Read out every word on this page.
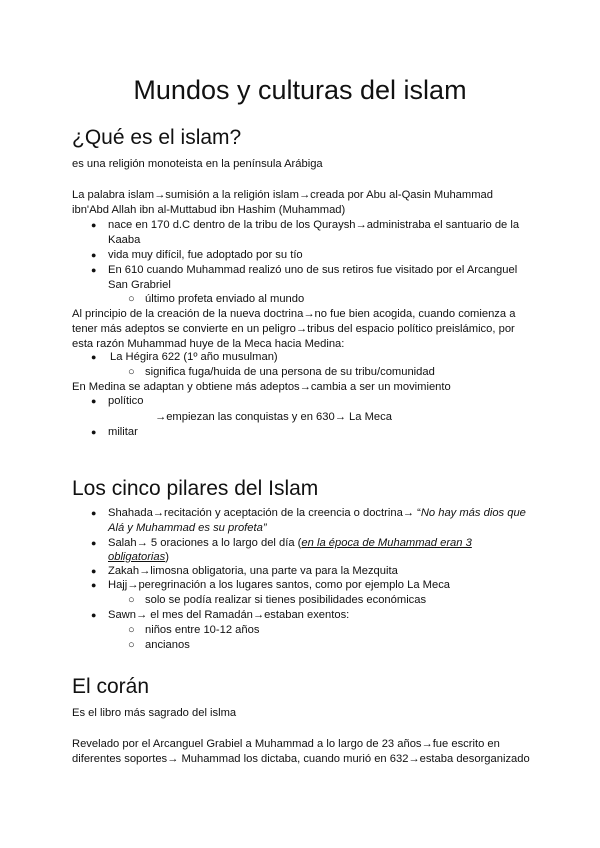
Mundos y culturas del islam
¿Qué es el islam?
es una religión monoteista en la península Arábiga
La palabra islam→sumisión a la religión islam→creada por Abu al-Qasin Muhammad
ibn'Abd Allah ibn al-Muttabud ibn Hashim (Muhammad)
● nace en 170 d.C dentro de la tribu de los Quraysh→administraba el santuario de la
Kaaba
● vida muy difícil, fue adoptado por su tío
● En 610 cuando Muhammad realizó uno de sus retiros fue visitado por el Arcanguel
San Grabriel
○ último profeta enviado al mundo
Al principio de la creación de la nueva doctrina→no fue bien acogida, cuando comienza a
tener más adeptos se convierte en un peligro→tribus del espacio político preislámico, por
esta razón Muhammad huye de la Meca hacia Medina:
● La Hégira 622 (1º año musulman)
○ significa fuga/huida de una persona de su tribu/comunidad
En Medina se adaptan y obtiene más adeptos→cambia a ser un movimiento
● político
→empiezan las conquistas y en 630→ La Meca
● militar
Los cinco pilares del Islam
● Shahada→recitación y aceptación de la creencia o doctrina→ “No hay más dios que
Alá y Muhammad es su profeta”
● Salah→ 5 oraciones a lo largo del día (en la época de Muhammad eran 3
obligatorias)
● Zakah→limosna obligatoria, una parte va para la Mezquita
● Hajj→peregrinación a los lugares santos, como por ejemplo La Meca
○ solo se podía realizar si tienes posibilidades económicas
● Sawn→ el mes del Ramadán→estaban exentos:
○ niños entre 10-12 años
○ ancianos
El corán
Es el libro más sagrado del islma
Revelado por el Arcanguel Grabiel a Muhammad a lo largo de 23 años→fue escrito en
diferentes soportes→ Muhammad los dictaba, cuando murió en 632→estaba desorganizado
